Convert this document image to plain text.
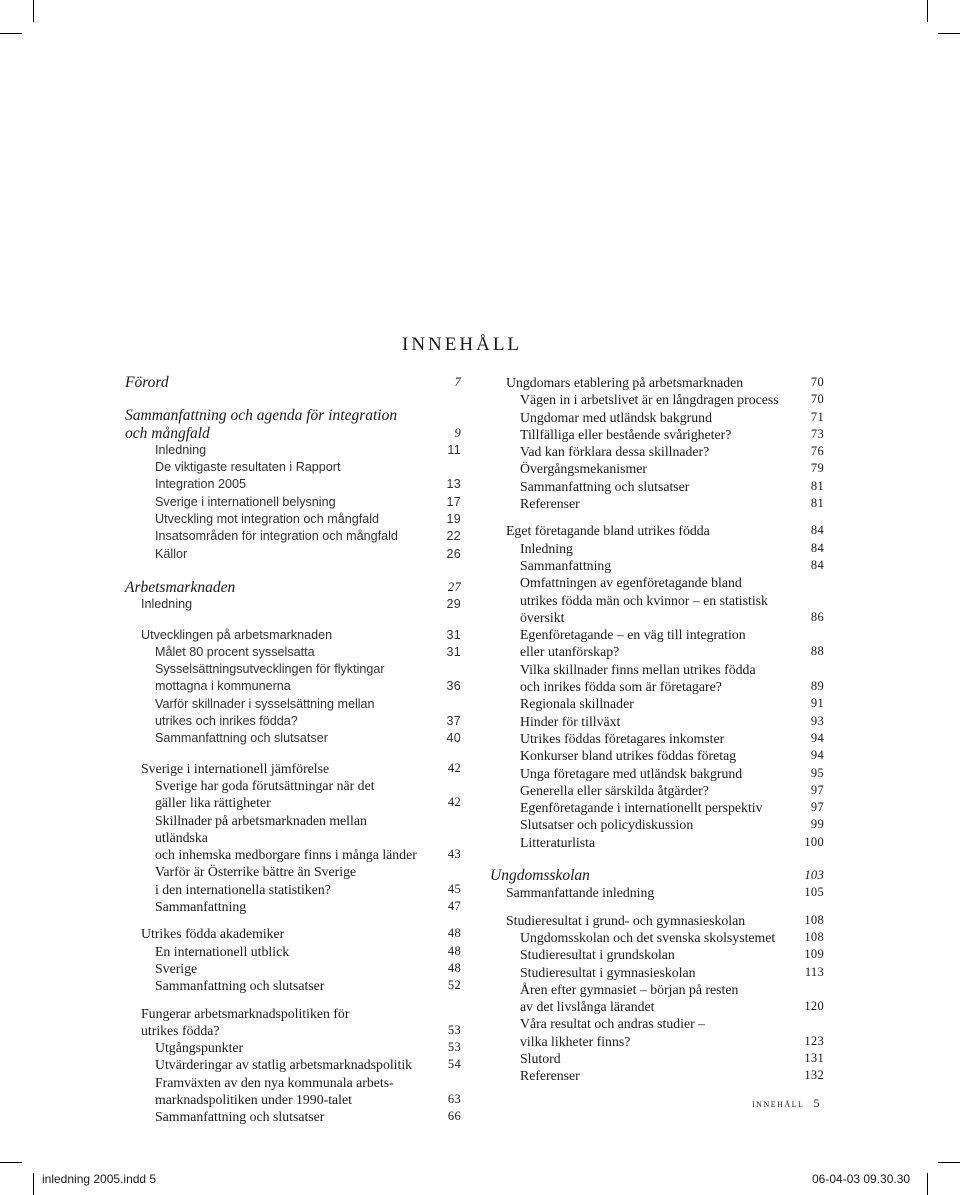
innehåll
Förord	7
Sammanfattning och agenda för integration
och mångfald	9
Inledning	11
De viktigaste resultaten i Rapport
Integration 2005	13
Sverige i internationell belysning	17
Utveckling mot integration och mångfald	19
Insatsområden för integration och mångfald	22
Källor	26
Arbetsmarknaden	27
Inledning	29
Utvecklingen på arbetsmarknaden	31
Målet 80 procent sysselsatta	31
Sysselsättningsutvecklingen för flyktingar
mottagna i kommunerna	36
Varför skillnader i sysselsättning mellan
utrikes och inrikes födda?	37
Sammanfattning och slutsatser	40
Sverige i internationell jämförelse	42
Sverige har goda förutsättningar när det
gäller lika rättigheter	42
Skillnader på arbetsmarknaden mellan utländska
och inhemska medborgare finns i många länder	43
Varför är Österrike bättre än Sverige
i den internationella statistiken?	45
Sammanfattning	47
Utrikes födda akademiker	48
En internationell utblick	48
Sverige	48
Sammanfattning och slutsatser	52
Fungerar arbetsmarknadspolitiken för
utrikes födda?	53
Utgångspunkter	53
Utvärderingar av statlig arbetsmarknadspolitik	54
Framväxten av den nya kommunala arbets-
marknadspolitiken under 1990-talet	63
Sammanfattning och slutsatser	66
Ungdomars etablering på arbetsmarknaden	70
Vägen in i arbetslivet är en långdragen process	70
Ungdomar med utländsk bakgrund	71
Tillfälliga eller bestående svårigheter?	73
Vad kan förklara dessa skillnader?	76
Övergångsmekanismer	79
Sammanfattning och slutsatser	81
Referenser	81
Eget företagande bland utrikes födda	84
Inledning	84
Sammanfattning	84
Omfattningen av egenföretagande bland
utrikes födda män och kvinnor – en statistisk
översikt	86
Egenföretagande – en väg till integration
eller utanförskap?	88
Vilka skillnader finns mellan utrikes födda
och inrikes födda som är företagare?	89
Regionala skillnader	91
Hinder för tillväxt	93
Utrikes föddas företagares inkomster	94
Konkurser bland utrikes föddas företag	94
Unga företagare med utländsk bakgrund	95
Generella eller särskilda åtgärder?	97
Egenföretagande i internationellt perspektiv	97
Slutsatser och policydiskussion	99
Litteraturlista	100
Ungdomsskolan	103
Sammanfattande inledning	105
Studieresultat i grund- och gymnasieskolan	108
Ungdomsskolan och det svenska skolsystemet	108
Studieresultat i grundskolan	109
Studieresultat i gymnasieskolan	113
Åren efter gymnasiet – början på resten
av det livslånga lärandet	120
Våra resultat och andras studier –
vilka likheter finns?	123
Slutord	131
Referenser	132
innehåll 5
inledning 2005.indd 5	06-04-03 09.30.30
